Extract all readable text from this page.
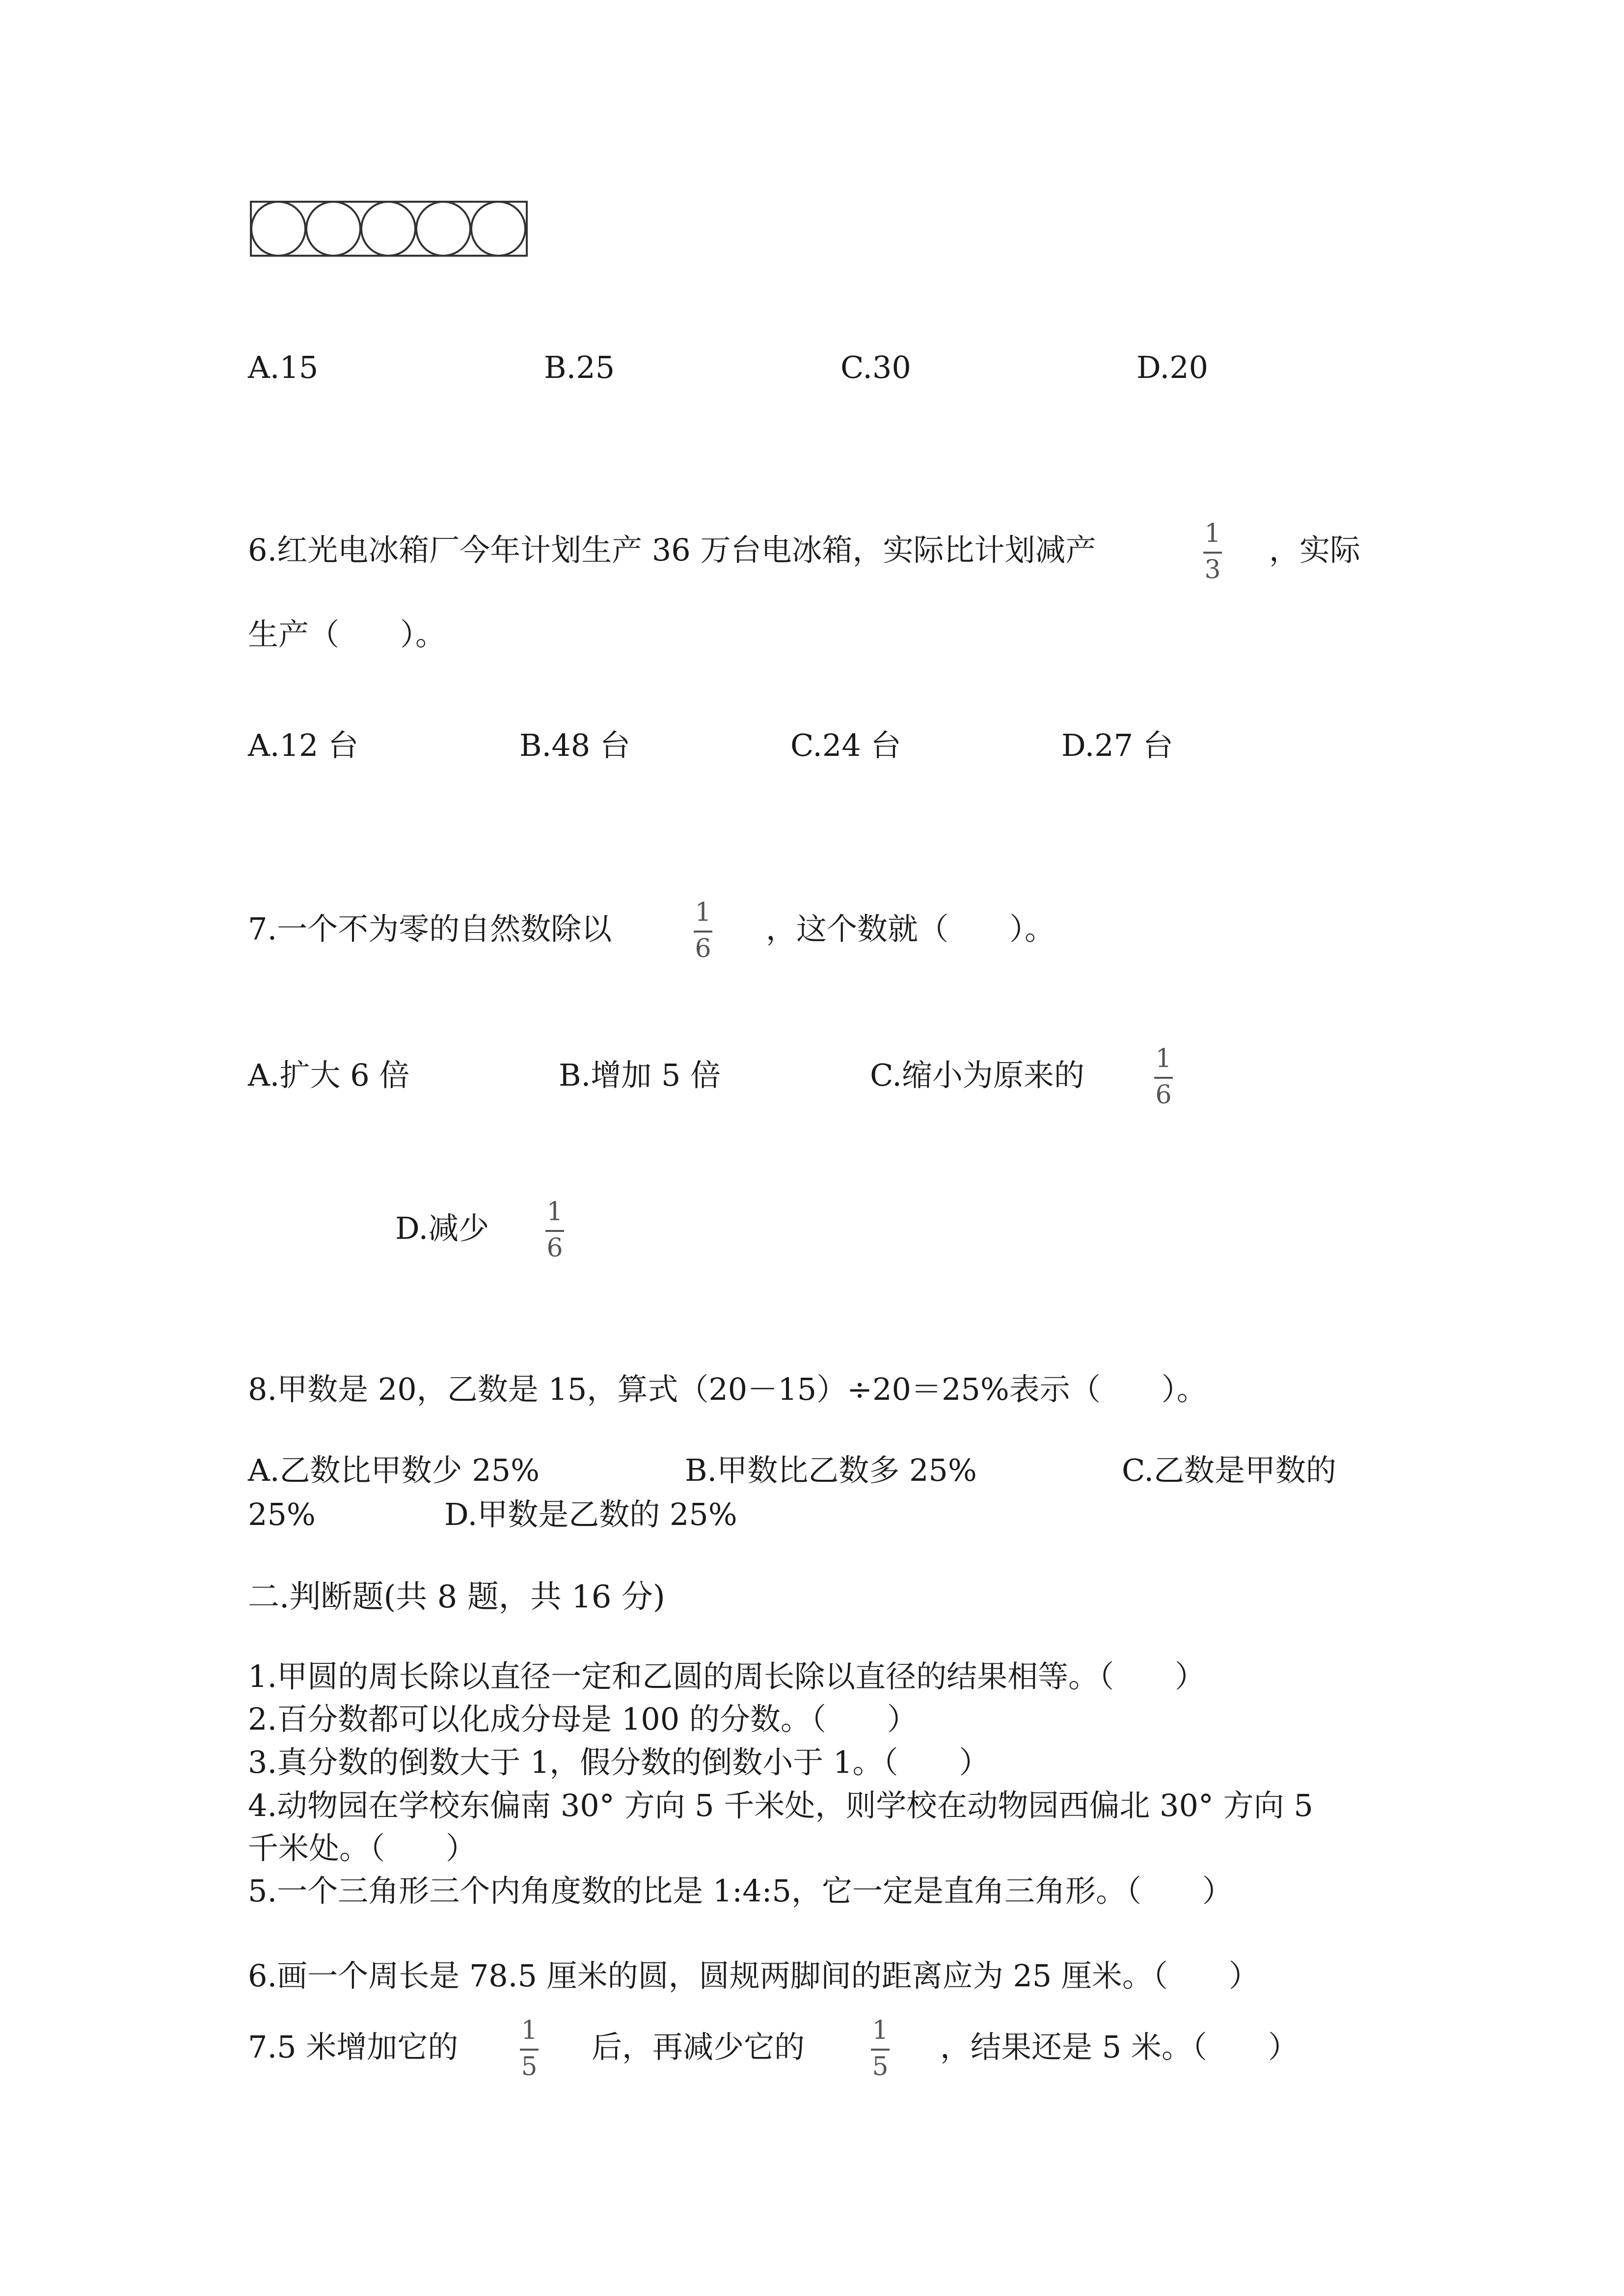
A.15	B.25	C.30	D.20
6.红光电冰箱厂今年计划生产 36 万台电冰箱，实际比计划减产	1
3
，实际
生产（　　）。
A.12 台	B.48 台	C.24 台	D.27 台
7.一个不为零的自然数除以	1
6
，这个数就（　　）。
A.扩大 6 倍	B.增加 5 倍	C.缩小为原来的	1
6
D.减少 1
6
8.甲数是 20，乙数是 15，算式（20－15）÷20＝25%表示（　　）。
A.乙数比甲数少 25%	B.甲数比乙数多 25%	C.乙数是甲数的
25%	D.甲数是乙数的 25%
二.判断题(共 8 题，共 16 分)
1.甲圆的周长除以直径一定和乙圆的周长除以直径的结果相等。（　　）
2.百分数都可以化成分母是 100 的分数。（　　）
3.真分数的倒数大于 1，假分数的倒数小于 1。（　　）
4.动物园在学校东偏南 30° 方向 5 千米处，则学校在动物园西偏北 30° 方向 5
千米处。（　　）
5.一个三角形三个内角度数的比是 1:4:5，它一定是直角三角形。（　　）
6.画一个周长是 78.5 厘米的圆，圆规两脚间的距离应为 25 厘米。（　　）
7.5 米增加它的 1
5
后，再减少它的	1
5
，结果还是 5 米。（　　）
